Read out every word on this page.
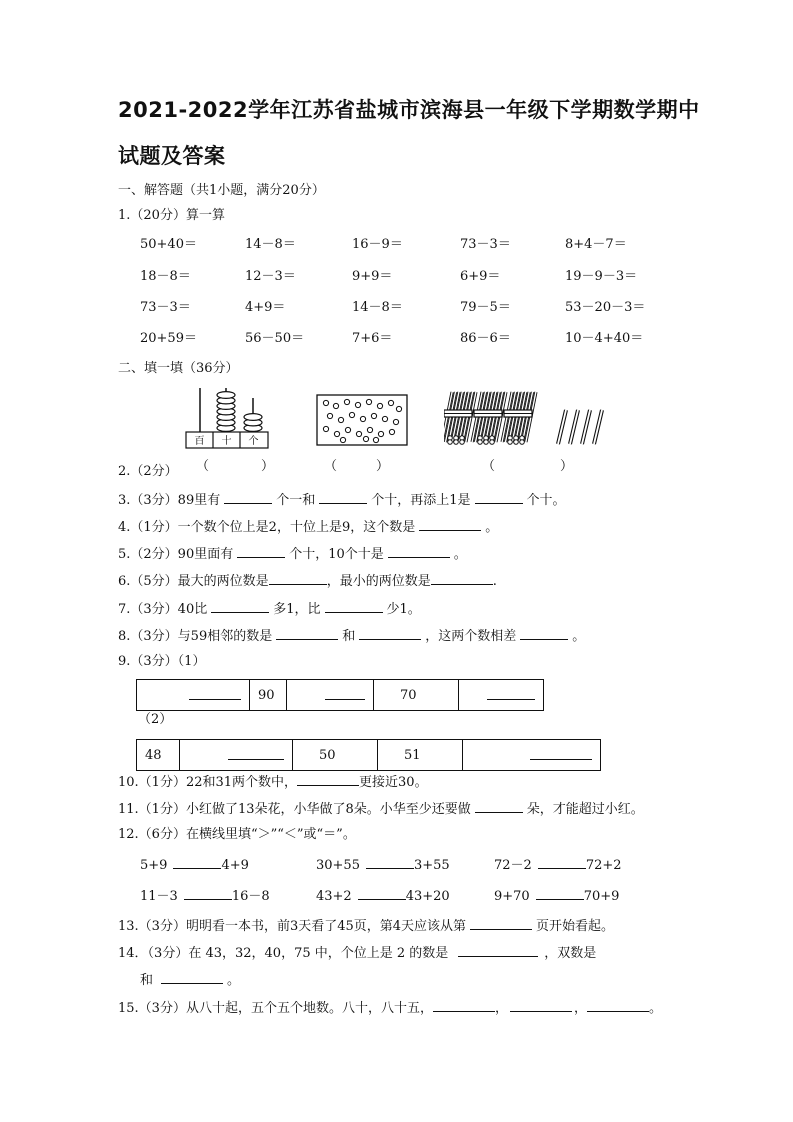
2021-2022学年江苏省盐城市滨海县一年级下学期数学期中
试题及答案
一、解答题（共1小题，满分20分）
1.（20分）算一算
50+40＝	14－8＝	16－9＝	73－3＝	8+4－7＝
18－8＝	12－3＝	9+9＝	6+9＝	19－9－3＝
73－3＝	4+9＝	14－8＝	79－5＝	53－20－3＝
20+59＝	56－50＝	7+6＝	86－6＝	10－4+40＝
二、填一填（36分）
百 十 个
（　　　　）	（　　　）	（　　　　　）
2.（2分）
3.（3分）89里有	个一和	个十，再添上1是	个十。
4.（1分）一个数个位上是2，十位上是9，这个数是	。
5.（2分）90里面有	个十，10个十是	。
6.（5分）最大的两位数是	，最小的两位数是	.
7.（3分）40比	多1，比	少1。
8.（3分）与59相邻的数是	和	，这两个数相差	。
9.（3分）（1）
	90		70	
（2）
48		50	51	
10.（1分）22和31两个数中，	更接近30。
11.（1分）小红做了13朵花，小华做了8朵。小华至少还要做	朵，才能超过小红。
12.（6分）在横线里填“＞”“＜”或“＝”。
5+9	4+9	30+55	3+55	72－2	72+2
11－3	16－8	43+2	43+20	9+70	70+9
13.（3分）明明看一本书，前3天看了45页，第4天应该从第	页开始看起。
14．（3分）在 43，32，40，75 中，个位上是 2 的数是	，双数是
和	。
15.（3分）从八十起，五个五个地数。八十，八十五，	，	，	。
